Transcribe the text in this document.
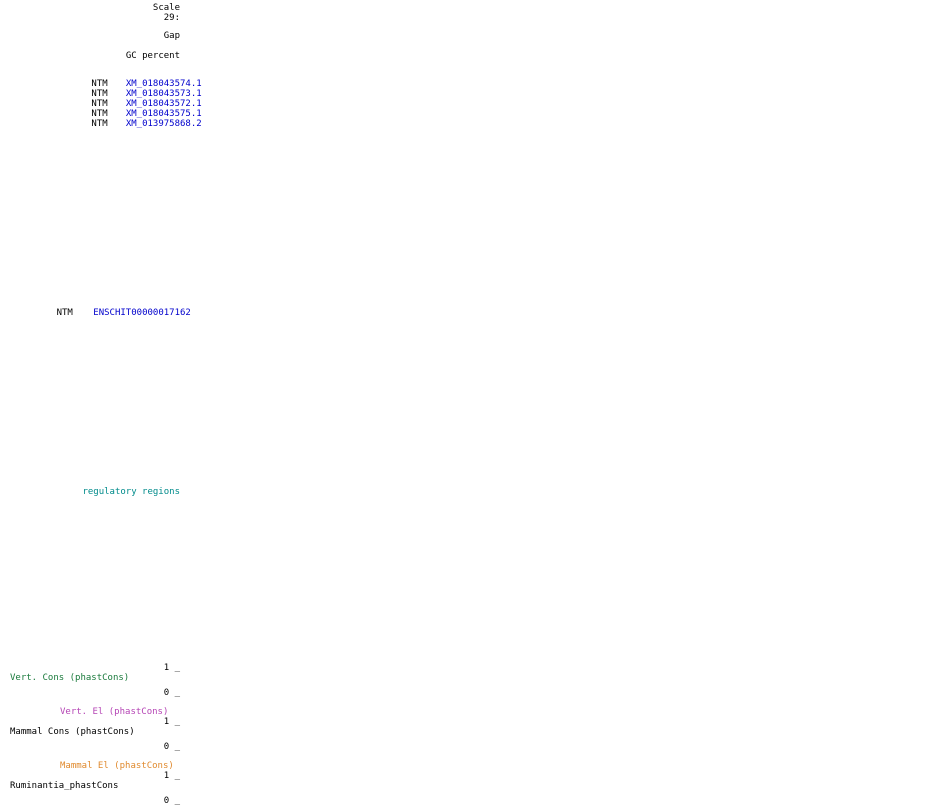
Scale
29:
Gap
GC percent

NTM XM_018043574.1

NTM XM_018043573.1

NTM XM_018043572.1

NTM XM_018043575.1

NTM XM_013975868.2

NTM ENSCHIT00000017162

regulatory regions
1 _
Vert. Cons (phastCons)
0 _
Vert. El (phastCons)
1 _
Mammal Cons (phastCons)
0 _
Mammal El (phastCons)
1 _
Ruminantia_phastCons
0 _
